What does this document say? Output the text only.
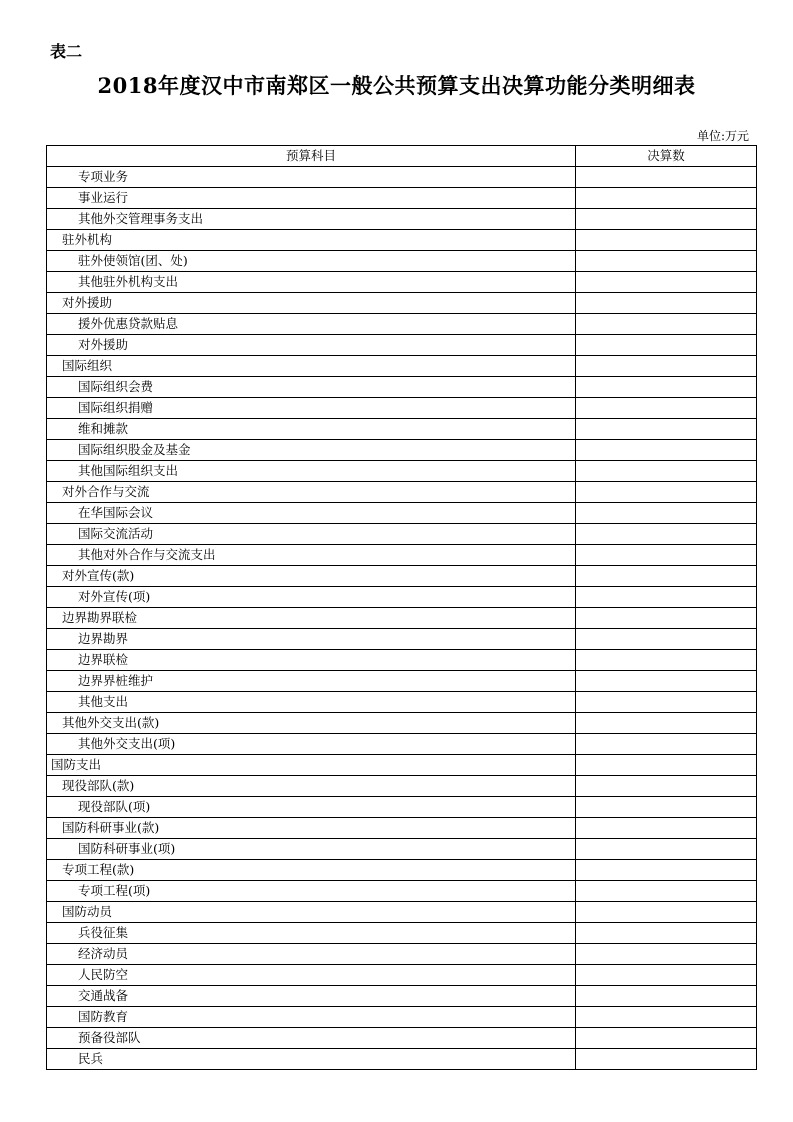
表二
2018年度汉中市南郑区一般公共预算支出决算功能分类明细表
单位:万元
预算科目	决算数
专项业务	
事业运行	
其他外交管理事务支出	
驻外机构	
驻外使领馆(团、处)	
其他驻外机构支出	
对外援助	
援外优惠贷款贴息	
对外援助	
国际组织	
国际组织会费	
国际组织捐赠	
维和摊款	
国际组织股金及基金	
其他国际组织支出	
对外合作与交流	
在华国际会议	
国际交流活动	
其他对外合作与交流支出	
对外宣传(款)	
对外宣传(项)	
边界勘界联检	
边界勘界	
边界联检	
边界界桩维护	
其他支出	
其他外交支出(款)	
其他外交支出(项)	
国防支出	
现役部队(款)	
现役部队(项)	
国防科研事业(款)	
国防科研事业(项)	
专项工程(款)	
专项工程(项)	
国防动员	
兵役征集	
经济动员	
人民防空	
交通战备	
国防教育	
预备役部队	
民兵	
